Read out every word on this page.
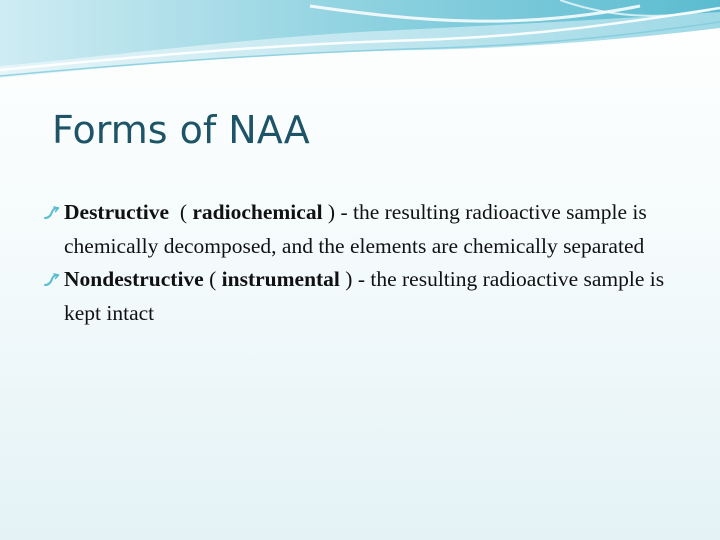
Forms of NAA
Destructive  ( radiochemical ) - the resulting radioactive sample is chemically decomposed, and the elements are chemically separated
Nondestructive ( instrumental ) - the resulting radioactive sample is kept intact
